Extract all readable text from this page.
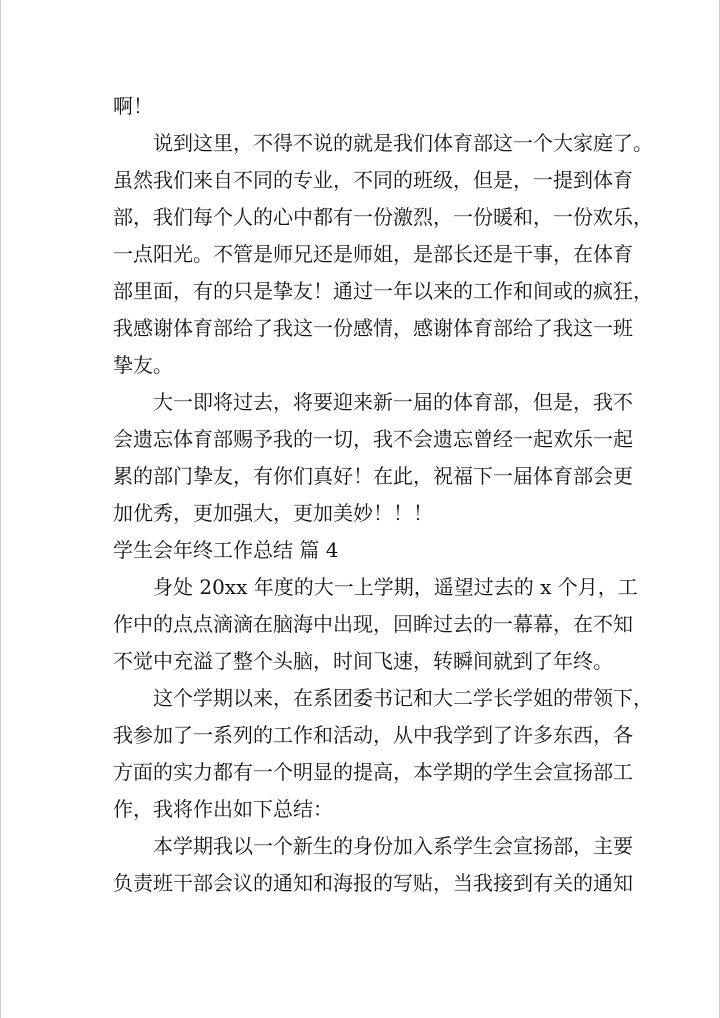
啊！
说到这里，不得不说的就是我们体育部这一个大家庭了。
虽然我们来自不同的专业，不同的班级，但是，一提到体育
部，我们每个人的心中都有一份激烈，一份暖和，一份欢乐，
一点阳光。不管是师兄还是师姐，是部长还是干事，在体育
部里面，有的只是挚友！通过一年以来的工作和间或的疯狂，
我感谢体育部给了我这一份感情，感谢体育部给了我这一班
挚友。
大一即将过去，将要迎来新一届的体育部，但是，我不
会遗忘体育部赐予我的一切，我不会遗忘曾经一起欢乐一起
累的部门挚友，有你们真好！在此，祝福下一届体育部会更
加优秀，更加强大，更加美妙！！！
学生会年终工作总结 篇 4
身处 20xx 年度的大一上学期，遥望过去的 x 个月，工
作中的点点滴滴在脑海中出现，回眸过去的一幕幕，在不知
不觉中充溢了整个头脑，时间飞速，转瞬间就到了年终。
这个学期以来，在系团委书记和大二学长学姐的带领下，
我参加了一系列的工作和活动，从中我学到了许多东西，各
方面的实力都有一个明显的提高，本学期的学生会宣扬部工
作，我将作出如下总结：
本学期我以一个新生的身份加入系学生会宣扬部，主要
负责班干部会议的通知和海报的写贴，当我接到有关的通知
